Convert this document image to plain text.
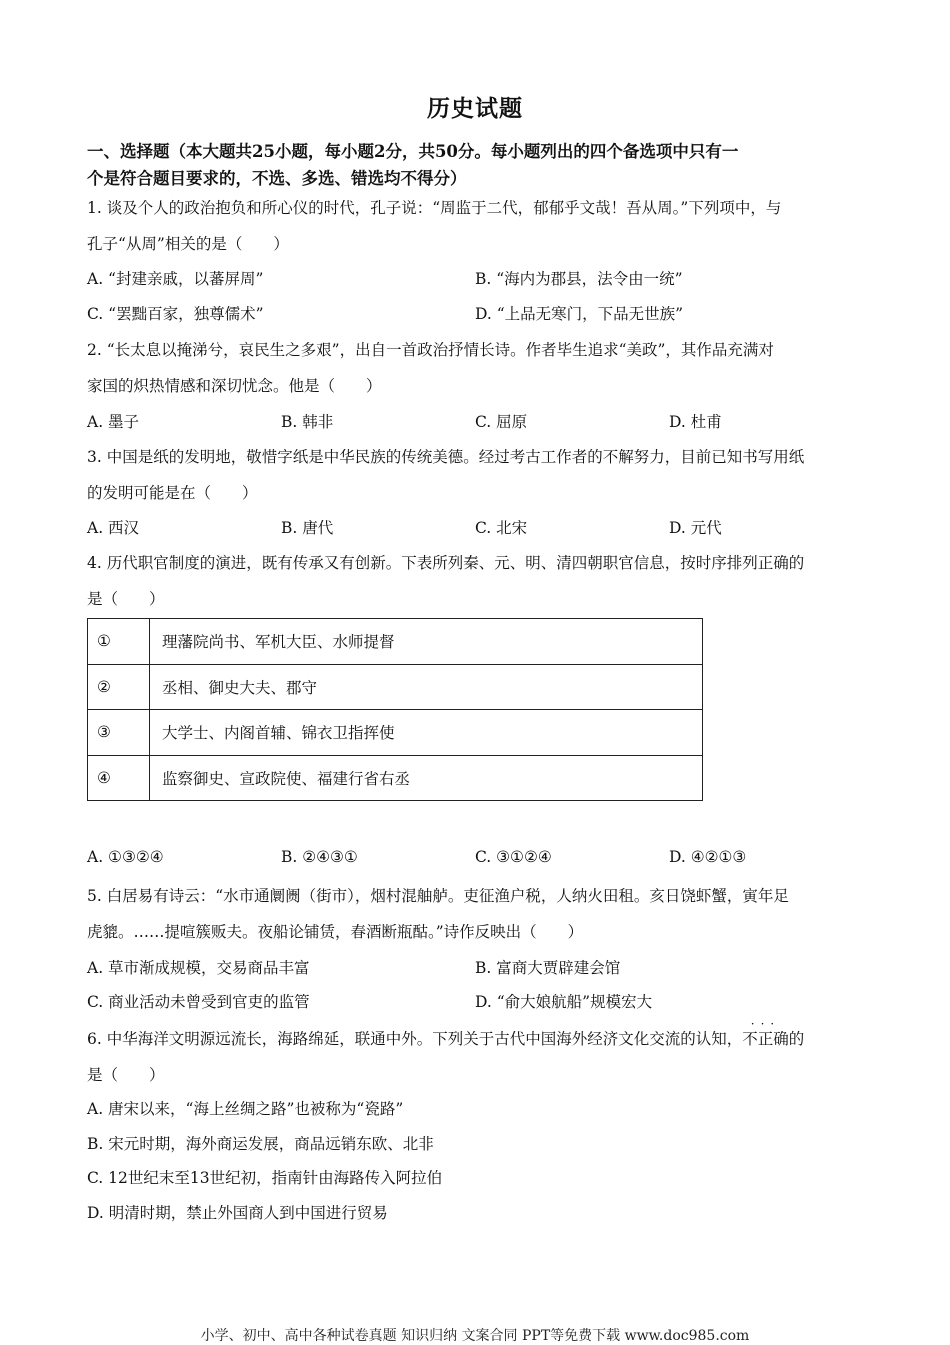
历史试题
一、选择题（本大题共25小题，每小题2分，共50分。每小题列出的四个备选项中只有一
个是符合题目要求的，不选、多选、错选均不得分）
1. 谈及个人的政治抱负和所心仪的时代，孔子说：“周监于二代，郁郁乎文哉！吾从周。”下列项中，与
孔子“从周”相关的是（　　）
A. “封建亲戚，以蕃屏周”	B. “海内为郡县，法令由一统”
C. “罢黜百家，独尊儒术”	D. “上品无寒门，下品无世族”
2. “长太息以掩涕兮，哀民生之多艰”，出自一首政治抒情长诗。作者毕生追求“美政”，其作品充满对
家国的炽热情感和深切忧念。他是（　　）
A. 墨子	B. 韩非	C. 屈原	D. 杜甫
3. 中国是纸的发明地，敬惜字纸是中华民族的传统美德。经过考古工作者的不解努力，目前已知书写用纸
的发明可能是在（　　）
A. 西汉	B. 唐代	C. 北宋	D. 元代
4. 历代职官制度的演进，既有传承又有创新。下表所列秦、元、明、清四朝职官信息，按时序排列正确的
是（　　）
①	理藩院尚书、军机大臣、水师提督
②	丞相、御史大夫、郡守
③	大学士、内阁首辅、锦衣卫指挥使
④	监察御史、宣政院使、福建行省右丞
A. ①③②④	B. ②④③①	C. ③①②④	D. ④②①③
5. 白居易有诗云：“水市通阛阓（街市），烟村混舳舻。吏征渔户税，人纳火田租。亥日饶虾蟹，寅年足
虎貔。……提喧簇贩夫。夜船论铺赁，春酒断瓶酤。”诗作反映出（　　）
A. 草市渐成规模，交易商品丰富	B. 富商大贾辟建会馆
C. 商业活动未曾受到官吏的监管	D. “俞大娘航船”规模宏大
6. 中华海洋文明源远流长，海路绵延，联通中外。下列关于古代中国海外经济文化交流的认知，
···
不正确的
是（　　）
A. 唐宋以来，“海上丝绸之路”也被称为“瓷路”
B. 宋元时期，海外商运发展，商品远销东欧、北非
C. 12世纪末至13世纪初，指南针由海路传入阿拉伯
D. 明清时期，禁止外国商人到中国进行贸易
小学、初中、高中各种试卷真题 知识归纳 文案合同 PPT等免费下载 www.doc985.com
